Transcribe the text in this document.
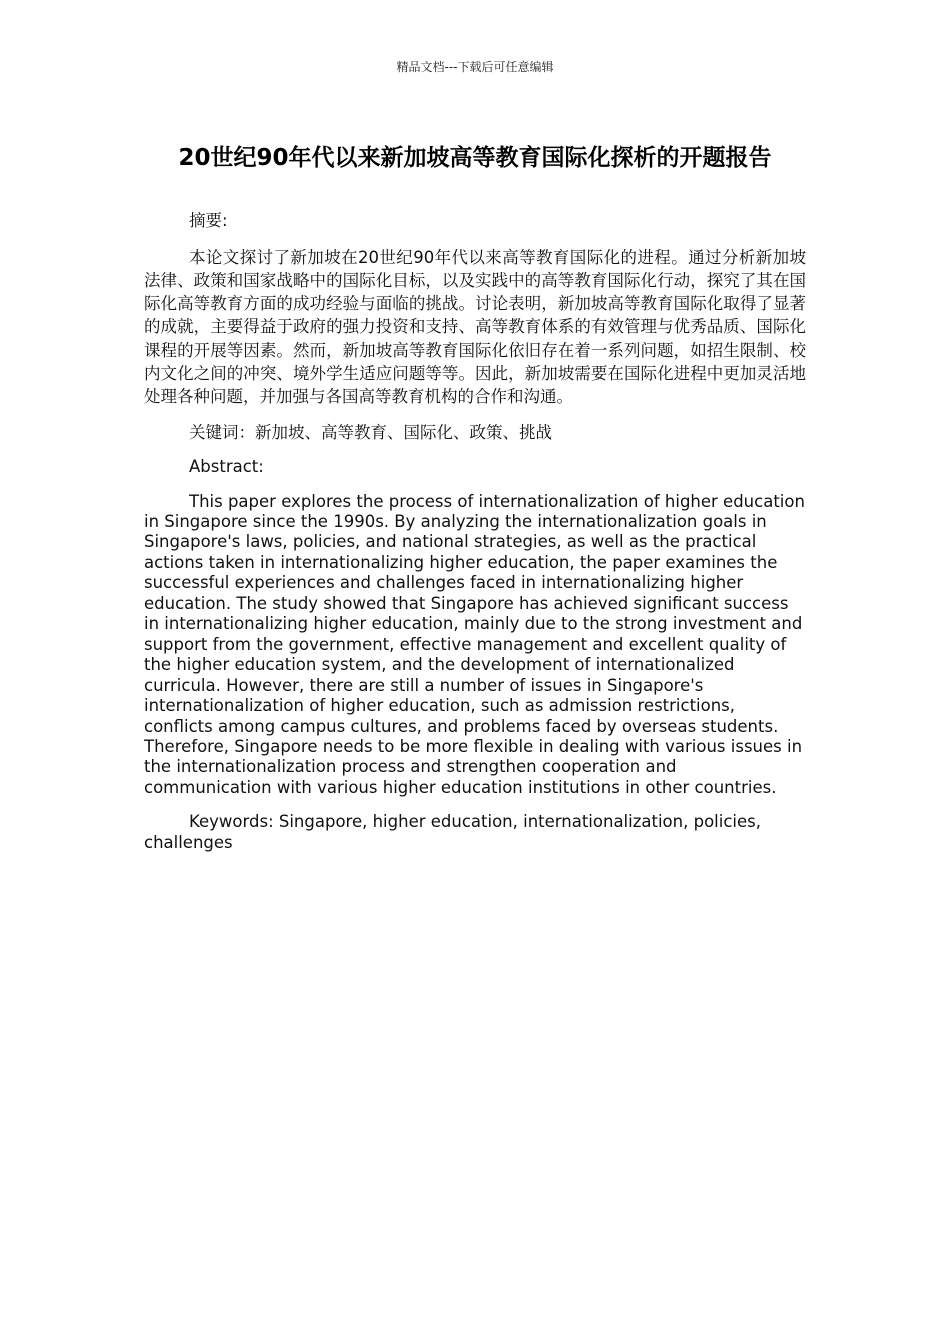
精品文档---下载后可任意编辑
20世纪90年代以来新加坡高等教育国际化探析的开题报告

摘要:

本论文探讨了新加坡在20世纪90年代以来高等教育国际化的进程。通过分析新加坡法律、政策和国家战略中的国际化目标，以及实践中的高等教育国际化行动，探究了其在国际化高等教育方面的成功经验与面临的挑战。讨论表明，新加坡高等教育国际化取得了显著的成就，主要得益于政府的强力投资和支持、高等教育体系的有效管理与优秀品质、国际化课程的开展等因素。然而，新加坡高等教育国际化依旧存在着一系列问题，如招生限制、校内文化之间的冲突、境外学生适应问题等等。因此，新加坡需要在国际化进程中更加灵活地处理各种问题，并加强与各国高等教育机构的合作和沟通。

关键词：新加坡、高等教育、国际化、政策、挑战

Abstract:

This paper explores the process of internationalization of higher education in Singapore since the 1990s. By analyzing the internationalization goals in Singapore's laws, policies, and national strategies, as well as the practical actions taken in internationalizing higher education, the paper examines the successful experiences and challenges faced in internationalizing higher education. The study showed that Singapore has achieved significant success in internationalizing higher education, mainly due to the strong investment and support from the government, effective management and excellent quality of the higher education system, and the development of internationalized curricula. However, there are still a number of issues in Singapore's internationalization of higher education, such as admission restrictions, conflicts among campus cultures, and problems faced by overseas students. Therefore, Singapore needs to be more flexible in dealing with various issues in the internationalization process and strengthen cooperation and communication with various higher education institutions in other countries.

Keywords: Singapore, higher education, internationalization, policies, challenges
